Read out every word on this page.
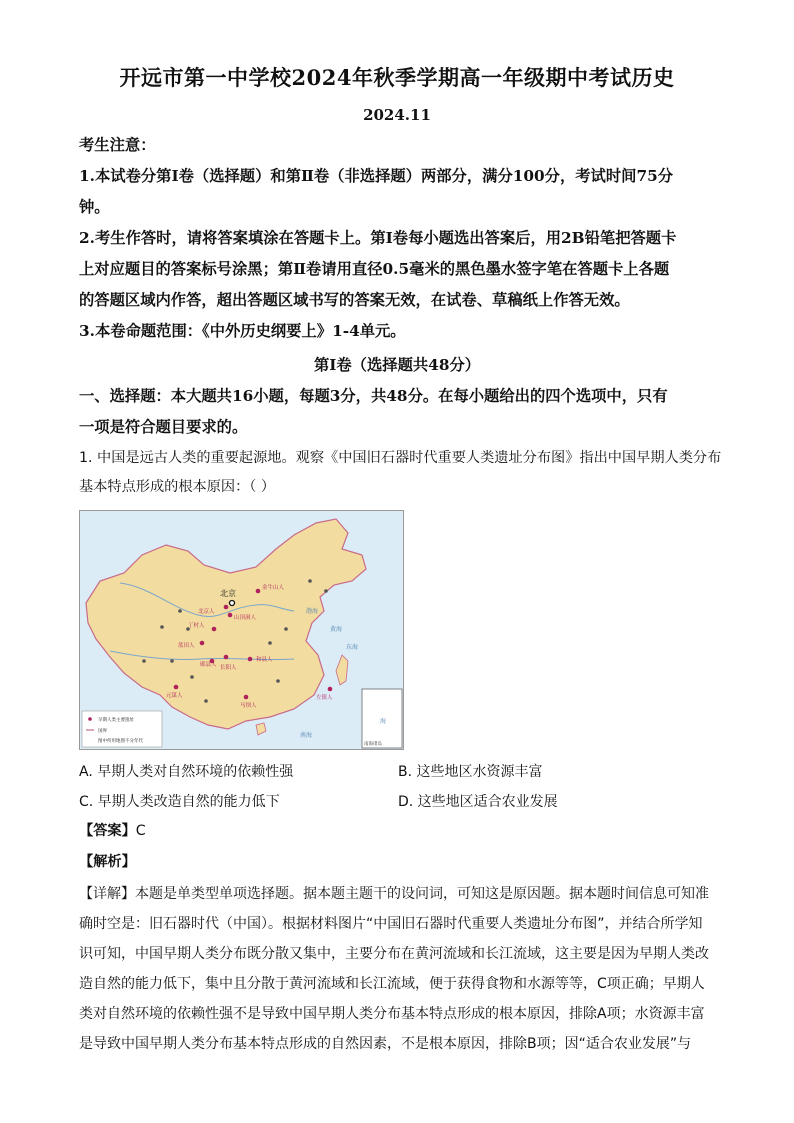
开远市第一中学校2024年秋季学期高一年级期中考试历史
2024.11
考生注意：
1.本试卷分第Ⅰ卷（选择题）和第Ⅱ卷（非选择题）两部分，满分100分，考试时间75分
钟。
2.考生作答时，请将答案填涂在答题卡上。第Ⅰ卷每小题选出答案后，用2B铅笔把答题卡
上对应题目的答案标号涂黑；第Ⅱ卷请用直径0.5毫米的黑色墨水签字笔在答题卡上各题
的答题区域内作答，超出答题区域书写的答案无效，在试卷、草稿纸上作答无效。
3.本卷命题范围：《中外历史纲要上》1-4单元。
第Ⅰ卷（选择题共48分）
一、选择题：本大题共16小题，每题3分，共48分。在每小题给出的四个选项中，只有
一项是符合题目要求的。
1. 中国是远古人类的重要起源地。观察《中国旧石器时代重要人类遗址分布图》指出中国早期人类分布
基本特点形成的根本原因：（ ）
北京
金牛山人
北京人
山顶洞人
丁村人
蓝田人
郧县人 长阳人
和县人
元谋人
马坝人
左镇人
渤海
黄海
东海
南海
海
南海诸岛
早期人类主要遗址
国界
图中所用地图不分年代
A. 早期人类对自然环境的依赖性强	B. 这些地区水资源丰富
C. 早期人类改造自然的能力低下	D. 这些地区适合农业发展
【答案】C
【解析】
【详解】本题是单类型单项选择题。据本题主题干的设问词，可知这是原因题。据本题时间信息可知准
确时空是：旧石器时代（中国）。根据材料图片“中国旧石器时代重要人类遗址分布图”，并结合所学知
识可知，中国早期人类分布既分散又集中，主要分布在黄河流域和长江流域，这主要是因为早期人类改
造自然的能力低下，集中且分散于黄河流域和长江流域，便于获得食物和水源等等，C项正确；早期人
类对自然环境的依赖性强不是导致中国早期人类分布基本特点形成的根本原因，排除A项；水资源丰富
是导致中国早期人类分布基本特点形成的自然因素，不是根本原因，排除B项；因“适合农业发展”与
